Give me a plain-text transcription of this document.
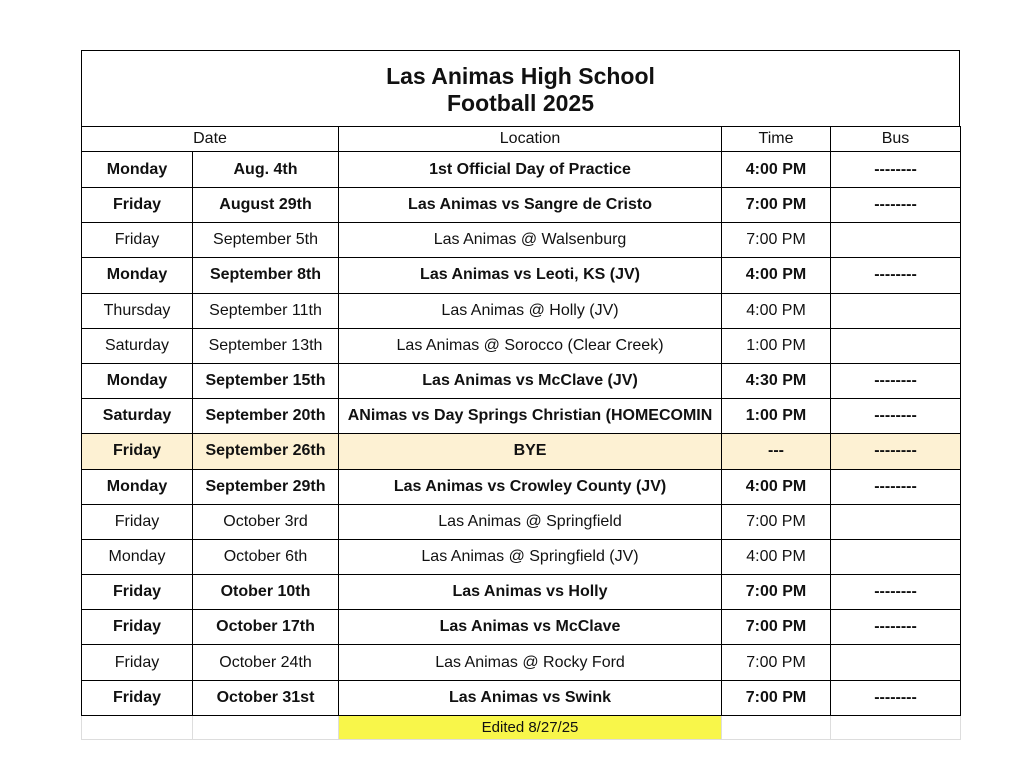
Las Animas High School
Football 2025
Date		Location	Time	Bus
Monday	Aug. 4th	1st Official Day of Practice	4:00 PM	--------
Friday	August 29th	Las Animas vs Sangre de Cristo	7:00 PM	--------
Friday	September 5th	Las Animas @ Walsenburg	7:00 PM	
Monday	September 8th	Las Animas vs Leoti, KS (JV)	4:00 PM	--------
Thursday	September 11th	Las Animas @ Holly (JV)	4:00 PM	
Saturday	September 13th	Las Animas @ Sorocco (Clear Creek)	1:00 PM	
Monday	September 15th	Las Animas vs McClave (JV)	4:30 PM	--------
Saturday	September 20th	ANimas vs Day Springs Christian (HOMECOMIN	1:00 PM	--------
Friday	September 26th	BYE	---	--------
Monday	September 29th	Las Animas vs Crowley County (JV)	4:00 PM	--------
Friday	October 3rd	Las Animas @ Springfield	7:00 PM	
Monday	October 6th	Las Animas @ Springfield (JV)	4:00 PM	
Friday	Otober 10th	Las Animas vs Holly	7:00 PM	--------
Friday	October 17th	Las Animas vs McClave	7:00 PM	--------
Friday	October 24th	Las Animas @ Rocky Ford	7:00 PM	
Friday	October 31st	Las Animas vs Swink	7:00 PM	--------
		Edited 8/27/25		
